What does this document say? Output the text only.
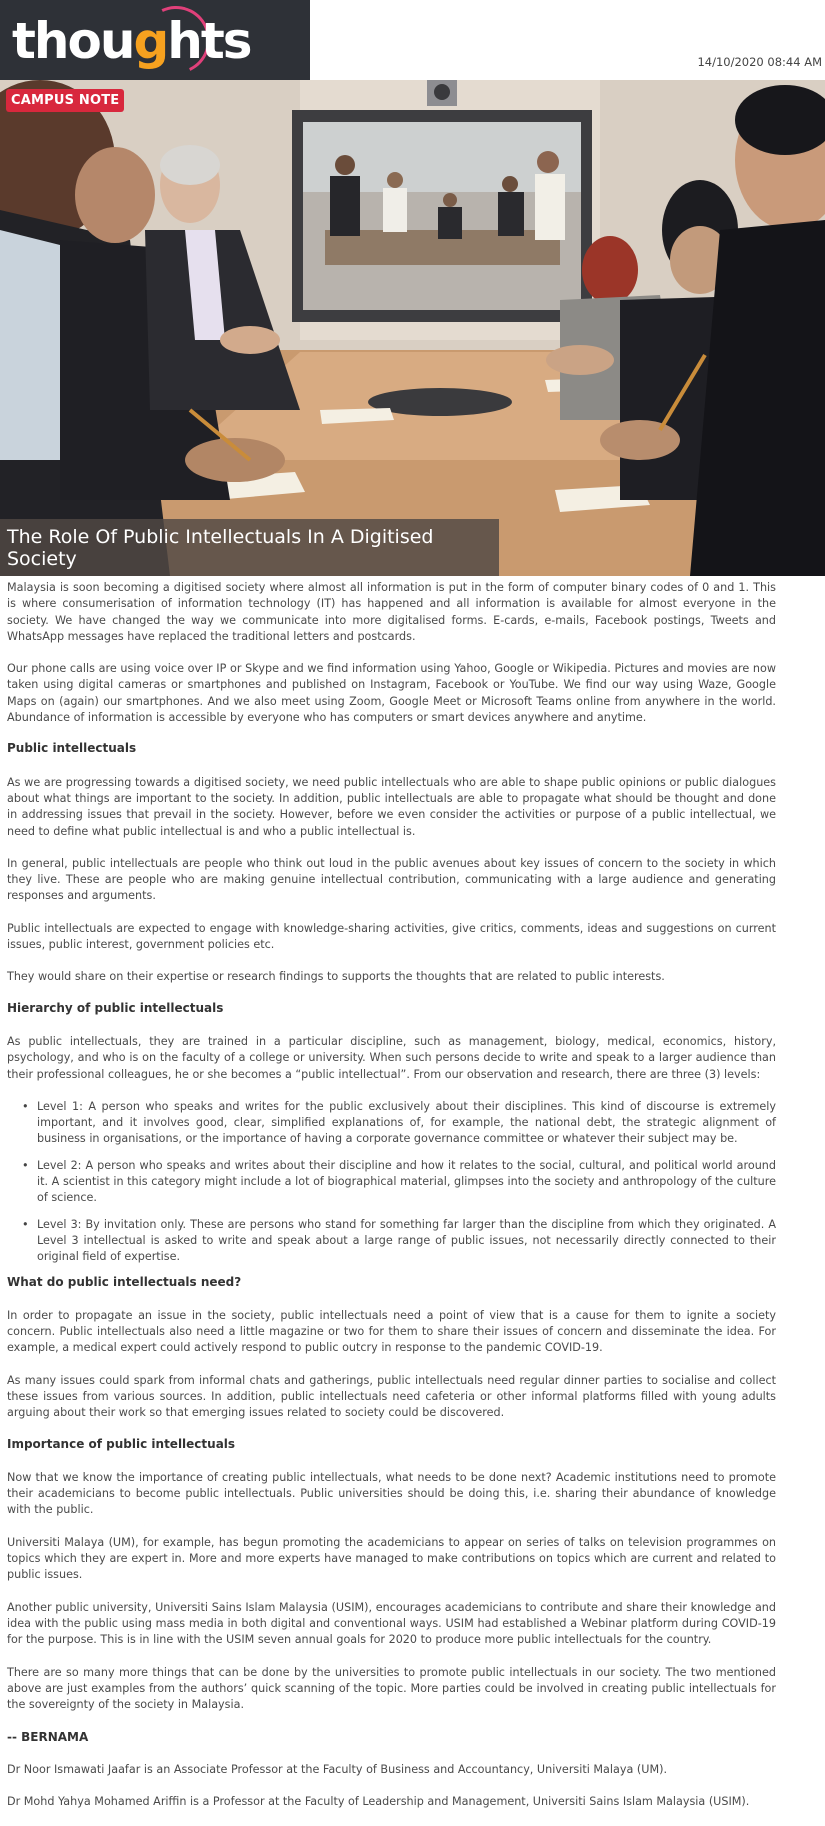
thoughts	14/10/2020 08:44 AM
CAMPUS NOTE
The Role Of Public Intellectuals In A Digitised Society

Malaysia is soon becoming a digitised society where almost all information is put in the form of computer binary codes of 0 and 1. This is where consumerisation of information technology (IT) has happened and all information is available for almost everyone in the society. We have changed the way we communicate into more digitalised forms. E-cards, e-mails, Facebook postings, Tweets and WhatsApp messages have replaced the traditional letters and postcards.

Our phone calls are using voice over IP or Skype and we find information using Yahoo, Google or Wikipedia. Pictures and movies are now taken using digital cameras or smartphones and published on Instagram, Facebook or YouTube. We find our way using Waze, Google Maps on (again) our smartphones. And we also meet using Zoom, Google Meet or Microsoft Teams online from anywhere in the world. Abundance of information is accessible by everyone who has computers or smart devices anywhere and anytime.

Public intellectuals

As we are progressing towards a digitised society, we need public intellectuals who are able to shape public opinions or public dialogues about what things are important to the society. In addition, public intellectuals are able to propagate what should be thought and done in addressing issues that prevail in the society. However, before we even consider the activities or purpose of a public intellectual, we need to define what public intellectual is and who a public intellectual is.

In general, public intellectuals are people who think out loud in the public avenues about key issues of concern to the society in which they live. These are people who are making genuine intellectual contribution, communicating with a large audience and generating responses and arguments.

Public intellectuals are expected to engage with knowledge-sharing activities, give critics, comments, ideas and suggestions on current issues, public interest, government policies etc.

They would share on their expertise or research findings to supports the thoughts that are related to public interests.

Hierarchy of public intellectuals

As public intellectuals, they are trained in a particular discipline, such as management, biology, medical, economics, history, psychology, and who is on the faculty of a college or university. When such persons decide to write and speak to a larger audience than their professional colleagues, he or she becomes a “public intellectual”. From our observation and research, there are three (3) levels:

• Level 1: A person who speaks and writes for the public exclusively about their disciplines. This kind of discourse is extremely important, and it involves good, clear, simplified explanations of, for example, the national debt, the strategic alignment of business in organisations, or the importance of having a corporate governance committee or whatever their subject may be.
• Level 2: A person who speaks and writes about their discipline and how it relates to the social, cultural, and political world around it. A scientist in this category might include a lot of biographical material, glimpses into the society and anthropology of the culture of science.
• Level 3: By invitation only. These are persons who stand for something far larger than the discipline from which they originated. A Level 3 intellectual is asked to write and speak about a large range of public issues, not necessarily directly connected to their original field of expertise.
What do public intellectuals need?

In order to propagate an issue in the society, public intellectuals need a point of view that is a cause for them to ignite a society concern. Public intellectuals also need a little magazine or two for them to share their issues of concern and disseminate the idea. For example, a medical expert could actively respond to public outcry in response to the pandemic COVID-19.

As many issues could spark from informal chats and gatherings, public intellectuals need regular dinner parties to socialise and collect these issues from various sources. In addition, public intellectuals need cafeteria or other informal platforms filled with young adults arguing about their work so that emerging issues related to society could be discovered.

Importance of public intellectuals

Now that we know the importance of creating public intellectuals, what needs to be done next? Academic institutions need to promote their academicians to become public intellectuals. Public universities should be doing this, i.e. sharing their abundance of knowledge with the public.

Universiti Malaya (UM), for example, has begun promoting the academicians to appear on series of talks on television programmes on topics which they are expert in. More and more experts have managed to make contributions on topics which are current and related to public issues.

Another public university, Universiti Sains Islam Malaysia (USIM), encourages academicians to contribute and share their knowledge and idea with the public using mass media in both digital and conventional ways. USIM had established a Webinar platform during COVID-19 for the purpose. This is in line with the USIM seven annual goals for 2020 to produce more public intellectuals for the country.

There are so many more things that can be done by the universities to promote public intellectuals in our society. The two mentioned above are just examples from the authors’ quick scanning of the topic. More parties could be involved in creating public intellectuals for the sovereignty of the society in Malaysia.

-- BERNAMA

Dr Noor Ismawati Jaafar is an Associate Professor at the Faculty of Business and Accountancy, Universiti Malaya (UM).

Dr Mohd Yahya Mohamed Ariffin is a Professor at the Faculty of Leadership and Management, Universiti Sains Islam Malaysia (USIM).
